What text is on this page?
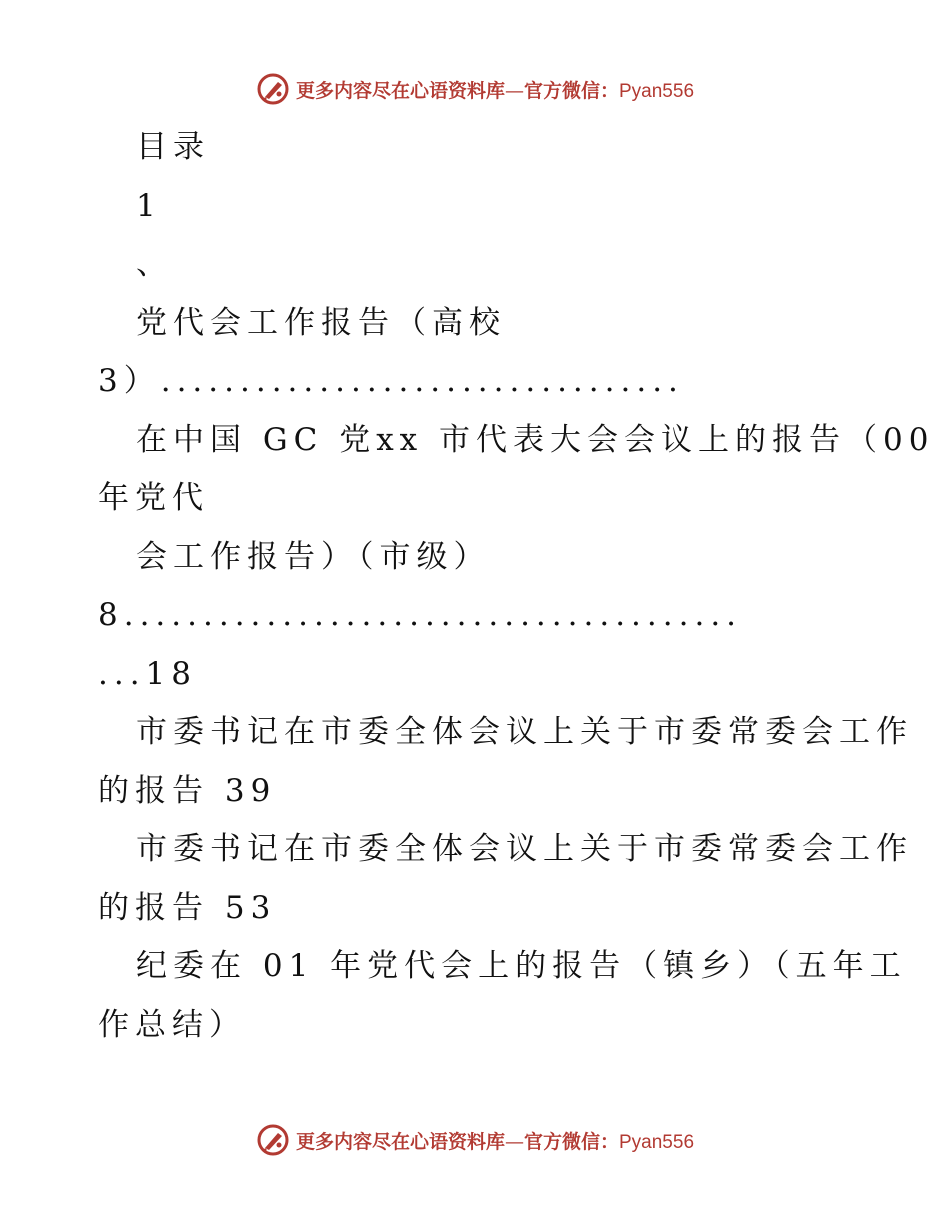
更多内容尽在心语资料库—官方微信：Pyan556
目录
1
、
党代会工作报告（高校
3）.................................
在中国 GC 党xx 市代表大会会议上的报告（00
年党代
会工作报告）（市级）
8.......................................
...18
市委书记在市委全体会议上关于市委常委会工作
的报告 39
市委书记在市委全体会议上关于市委常委会工作
的报告 53
纪委在 01 年党代会上的报告（镇乡）（五年工
作总结）
更多内容尽在心语资料库—官方微信：Pyan556
